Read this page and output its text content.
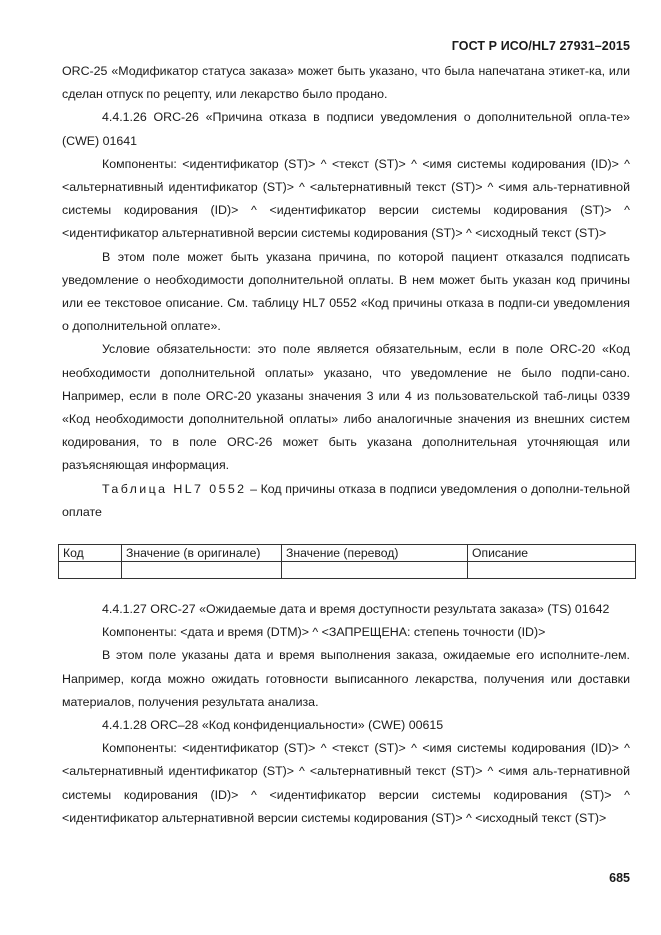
ГОСТ Р ИСО/HL7 27931–2015

ORC-25 «Модификатор статуса заказа» может быть указано, что была напечатана этикет-ка, или сделан отпуск по рецепту, или лекарство было продано.

4.4.1.26 ORC-26 «Причина отказа в подписи уведомления о дополнительной опла-те» (CWE) 01641

Компоненты: <идентификатор (ST)> ^ <текст (ST)> ^ <имя системы кодирования (ID)> ^ <альтернативный идентификатор (ST)> ^ <альтернативный текст (ST)> ^ <имя аль-тернативной системы кодирования (ID)> ^ <идентификатор версии системы кодирования (ST)> ^ <идентификатор альтернативной версии системы кодирования (ST)> ^ <исходный текст (ST)>

В этом поле может быть указана причина, по которой пациент отказался подписать уведомление о необходимости дополнительной оплаты. В нем может быть указан код причины или ее текстовое описание. См. таблицу HL7 0552 «Код причины отказа в подпи-си уведомления о дополнительной оплате».

Условие обязательности: это поле является обязательным, если в поле ORC-20 «Код необходимости дополнительной оплаты» указано, что уведомление не было подпи-сано. Например, если в поле ORC-20 указаны значения 3 или 4 из пользовательской таб-лицы 0339 «Код необходимости дополнительной оплаты» либо аналогичные значения из внешних систем кодирования, то в поле ORC-26 может быть указана дополнительная уточняющая или разъясняющая информация.

Таблица HL7 0552 – Код причины отказа в подписи уведомления о дополни-тельной оплате

Код	Значение (в оригинале)	Значение (перевод)	Описание

4.4.1.27 ORC-27 «Ожидаемые дата и время доступности результата заказа» (TS) 01642

Компоненты: <дата и время (DTM)> ^ <ЗАПРЕЩЕНА: степень точности (ID)>

В этом поле указаны дата и время выполнения заказа, ожидаемые его исполните-лем. Например, когда можно ожидать готовности выписанного лекарства, получения или доставки материалов, получения результата анализа.

4.4.1.28 ORC–28 «Код конфиденциальности» (CWE) 00615

Компоненты: <идентификатор (ST)> ^ <текст (ST)> ^ <имя системы кодирования (ID)> ^ <альтернативный идентификатор (ST)> ^ <альтернативный текст (ST)> ^ <имя аль-тернативной системы кодирования (ID)> ^ <идентификатор версии системы кодирования (ST)> ^ <идентификатор альтернативной версии системы кодирования (ST)> ^ <исходный текст (ST)>

685
